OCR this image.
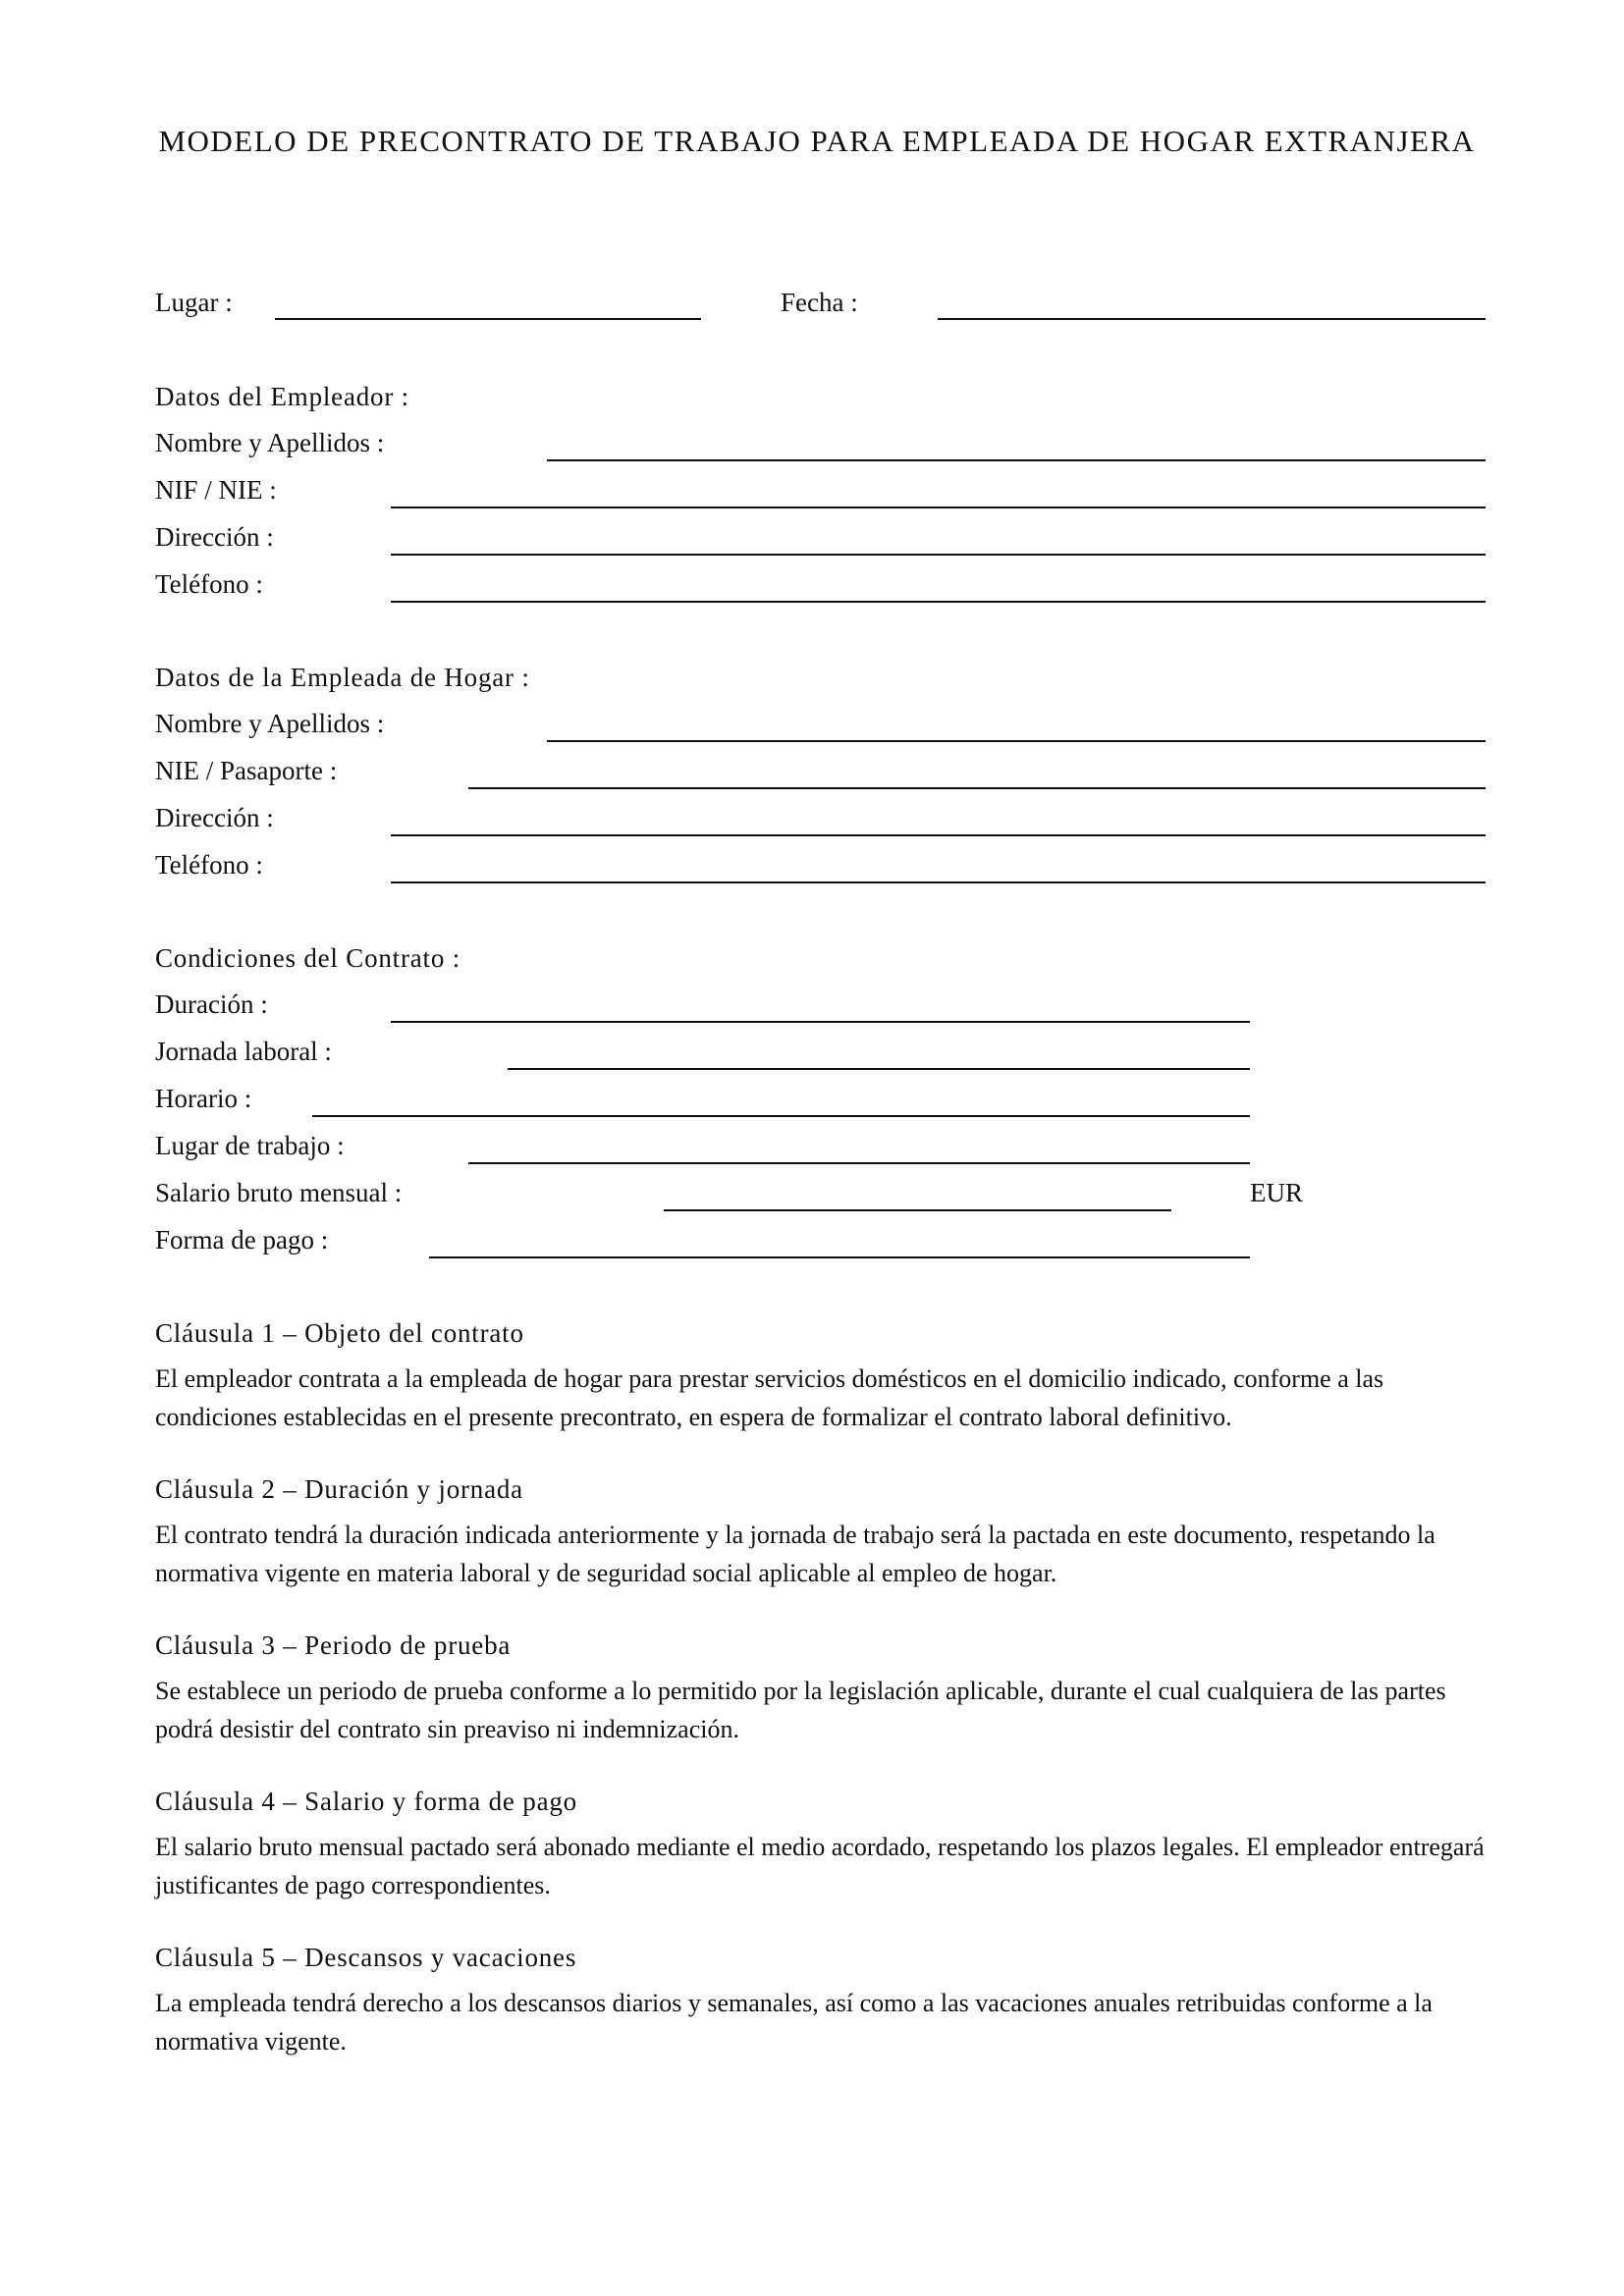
MODELO DE PRECONTRATO DE TRABAJO PARA EMPLEADA DE HOGAR EXTRANJERA
Lugar :	Fecha :
Datos del Empleador :
Nombre y Apellidos :
NIF / NIE :
Dirección :
Teléfono :
Datos de la Empleada de Hogar :
Nombre y Apellidos :
NIE / Pasaporte :
Dirección :
Teléfono :
Condiciones del Contrato :
Duración :
Jornada laboral :
Horario :
Lugar de trabajo :
Salario bruto mensual :	EUR
Forma de pago :
Cláusula 1 – Objeto del contrato

El empleador contrata a la empleada de hogar para prestar servicios domésticos en el domicilio indicado, conforme a las condiciones establecidas en el presente precontrato, en espera de formalizar el contrato laboral definitivo.

Cláusula 2 – Duración y jornada

El contrato tendrá la duración indicada anteriormente y la jornada de trabajo será la pactada en este documento, respetando la normativa vigente en materia laboral y de seguridad social aplicable al empleo de hogar.

Cláusula 3 – Periodo de prueba

Se establece un periodo de prueba conforme a lo permitido por la legislación aplicable, durante el cual cualquiera de las partes podrá desistir del contrato sin preaviso ni indemnización.

Cláusula 4 – Salario y forma de pago

El salario bruto mensual pactado será abonado mediante el medio acordado, respetando los plazos legales. El empleador entregará justificantes de pago correspondientes.

Cláusula 5 – Descansos y vacaciones

La empleada tendrá derecho a los descansos diarios y semanales, así como a las vacaciones anuales retribuidas conforme a la normativa vigente.
